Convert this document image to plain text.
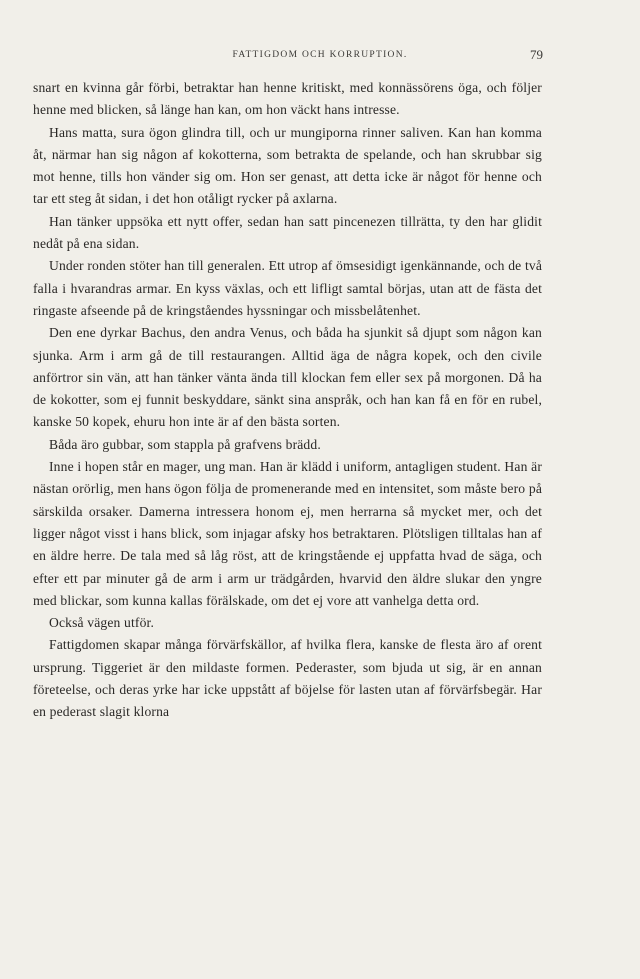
FATTIGDOM OCH KORRUPTION.	79

snart en kvinna går förbi, betraktar han henne kritiskt, med konnässörens öga, och följer henne med blicken, så länge han kan, om hon väckt hans intresse.

Hans matta, sura ögon glindra till, och ur mungiporna rinner saliven. Kan han komma åt, närmar han sig någon af kokotterna, som betrakta de spelande, och han skrubbar sig mot henne, tills hon vänder sig om. Hon ser genast, att detta icke är något för henne och tar ett steg åt sidan, i det hon otåligt rycker på axlarna.

Han tänker uppsöka ett nytt offer, sedan han satt pincenezen tillrätta, ty den har glidit nedåt på ena sidan.

Under ronden stöter han till generalen. Ett utrop af ömsesidigt igenkännande, och de två falla i hvarandras armar. En kyss växlas, och ett lifligt samtal börjas, utan att de fästa det ringaste afseende på de kringståendes hyssningar och missbelåtenhet.

Den ene dyrkar Bachus, den andra Venus, och båda ha sjunkit så djupt som någon kan sjunka. Arm i arm gå de till restaurangen. Alltid äga de några kopek, och den civile anförtror sin vän, att han tänker vänta ända till klockan fem eller sex på morgonen. Då ha de kokotter, som ej funnit beskyddare, sänkt sina anspråk, och han kan få en för en rubel, kanske 50 kopek, ehuru hon inte är af den bästa sorten.

Båda äro gubbar, som stappla på grafvens brädd.

Inne i hopen står en mager, ung man. Han är klädd i uniform, antagligen student. Han är nästan orörlig, men hans ögon följa de promenerande med en intensitet, som måste bero på särskilda orsaker. Damerna intressera honom ej, men herrarna så mycket mer, och det ligger något visst i hans blick, som injagar afsky hos betraktaren. Plötsligen tilltalas han af en äldre herre. De tala med så låg röst, att de kringstående ej uppfatta hvad de säga, och efter ett par minuter gå de arm i arm ur trädgården, hvarvid den äldre slukar den yngre med blickar, som kunna kallas förälskade, om det ej vore att vanhelga detta ord.

Också vägen utför.

Fattigdomen skapar många förvärfskällor, af hvilka flera, kanske de flesta äro af orent ursprung. Tiggeriet är den mildaste formen. Pederaster, som bjuda ut sig, är en annan företeelse, och deras yrke har icke uppstått af böjelse för lasten utan af förvärfsbegär. Har en pederast slagit klorna
